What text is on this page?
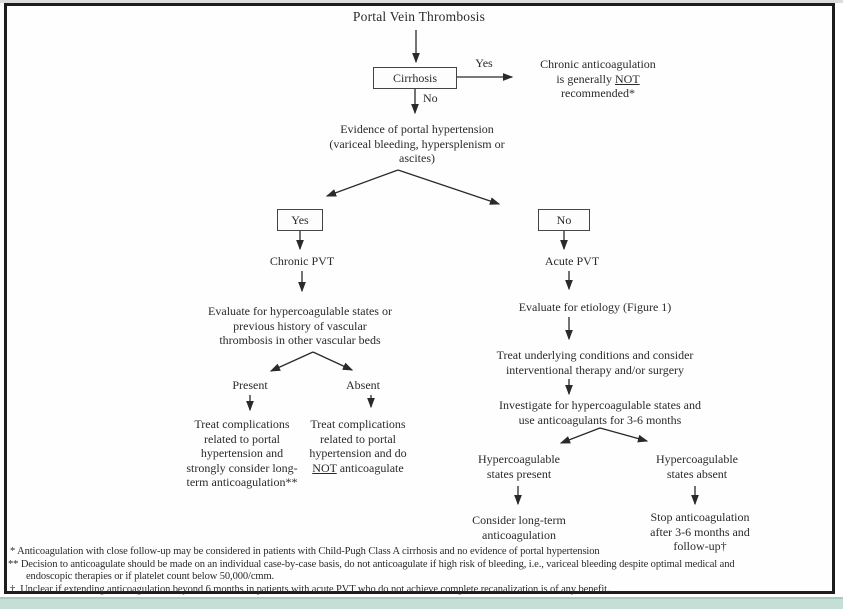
Portal Vein Thrombosis
Cirrhosis
Yes
No
Chronic anticoagulation
is generally NOT
recommended*
Evidence of portal hypertension
(variceal bleeding, hypersplenism or
ascites)
Yes	No
Chronic PVT	Acute PVT
Evaluate for hypercoagulable states or
previous history of vascular
thrombosis in other vascular beds
Present	Absent
Treat complications
related to portal
hypertension and
strongly consider long-
term anticoagulation**
Treat complications
related to portal
hypertension and do
NOT anticoagulate
Evaluate for etiology (Figure 1)
Treat underlying conditions and consider
interventional therapy and/or surgery
Investigate for hypercoagulable states and
use anticoagulants for 3-6 months
Hypercoagulable
states present
Hypercoagulable
states absent
Consider long-term
anticoagulation
Stop anticoagulation
after 3-6 months and
follow-up†
* Anticoagulation with close follow-up may be considered in patients with Child-Pugh Class A cirrhosis and no evidence of portal hypertension
** Decision to anticoagulate should be made on an individual case-by-case basis, do not anticoagulate if high risk of bleeding, i.e., variceal bleeding despite optimal medical and
endoscopic therapies or if platelet count below 50,000/cmm.
†  Unclear if extending anticoagulation beyond 6 months in patients with acute PVT who do not achieve complete recanalization is of any benefit.
